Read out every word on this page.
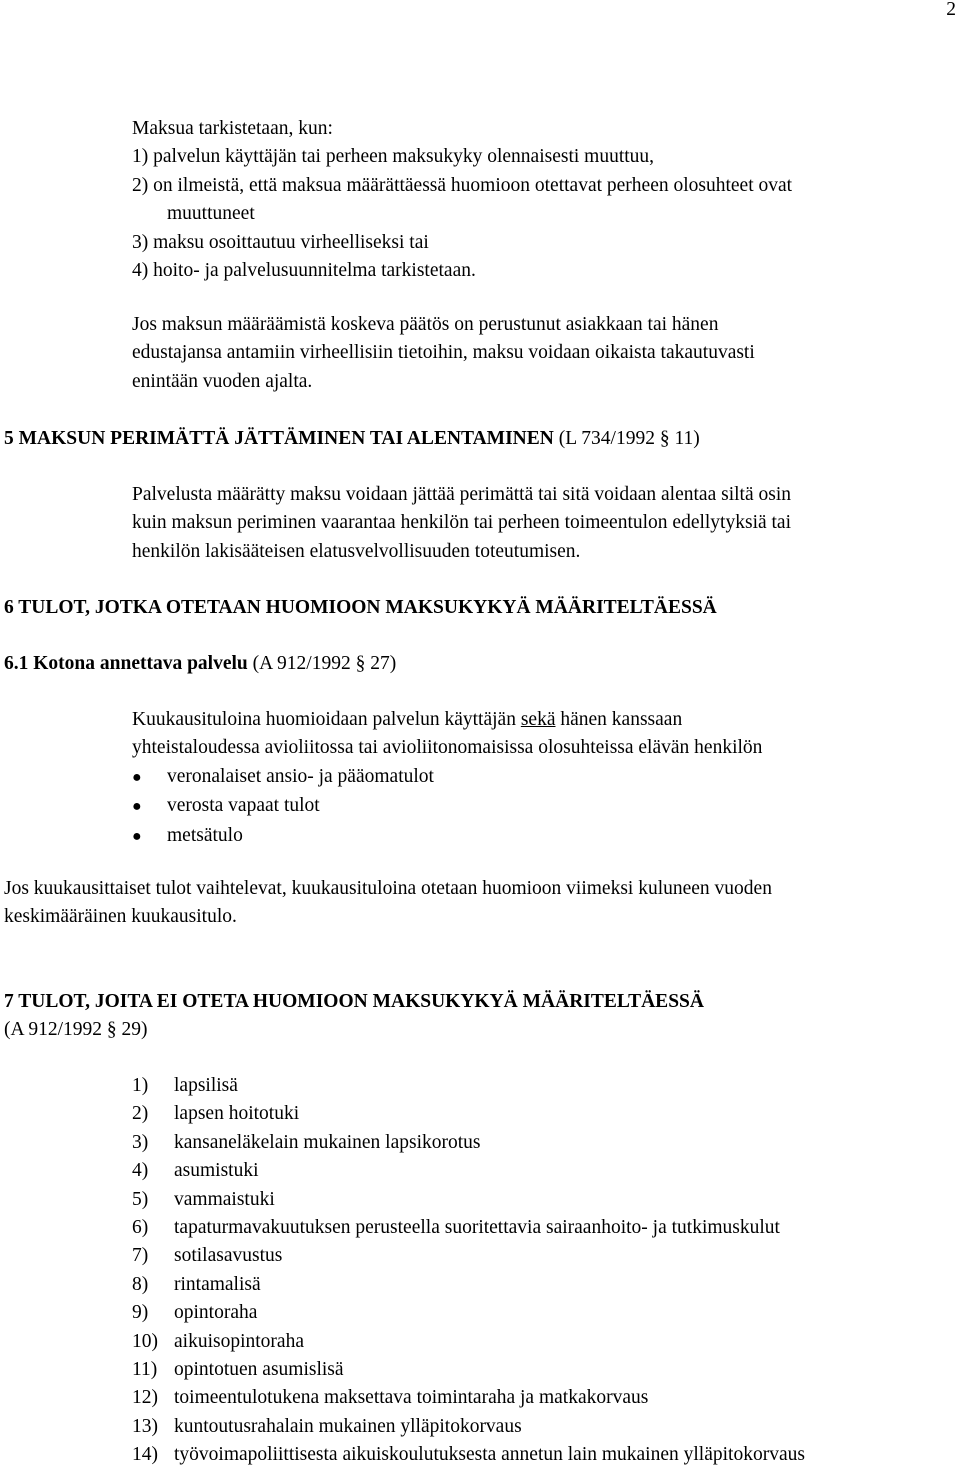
2

Maksua tarkistetaan, kun:

1) palvelun käyttäjän tai perheen maksukyky olennaisesti muuttuu,

2) on ilmeistä, että maksua määrättäessä huomioon otettavat perheen olosuhteet ovat

muuttuneet

3) maksu osoittautuu virheelliseksi tai

4) hoito- ja palvelusuunnitelma tarkistetaan.

Jos maksun määräämistä koskeva päätös on perustunut asiakkaan tai hänen

edustajansa antamiin virheellisiin tietoihin, maksu voidaan oikaista takautuvasti

enintään vuoden ajalta.

5 MAKSUN PERIMÄTTÄ JÄTTÄMINEN TAI ALENTAMINEN (L 734/1992 § 11)

Palvelusta määrätty maksu voidaan jättää perimättä tai sitä voidaan alentaa siltä osin

kuin maksun periminen vaarantaa henkilön tai perheen toimeentulon edellytyksiä tai

henkilön lakisääteisen elatusvelvollisuuden toteutumisen.

6 TULOT, JOTKA OTETAAN HUOMIOON MAKSUKYKYÄ MÄÄRITELTÄESSÄ
6.1 Kotona annettava palvelu (A 912/1992 § 27)

Kuukausituloina huomioidaan palvelun käyttäjän sekä hänen kanssaan

yhteistaloudessa avioliitossa tai avioliitonomaisissa olosuhteissa elävän henkilön

● veronalaiset ansio- ja pääomatulot

● verosta vapaat tulot

● metsätulo

Jos kuukausittaiset tulot vaihtelevat, kuukausituloina otetaan huomioon viimeksi kuluneen vuoden

keskimääräinen kuukausitulo.

7 TULOT, JOITA EI OTETA HUOMIOON MAKSUKYKYÄ MÄÄRITELTÄESSÄ

(A 912/1992 § 29)

1) lapsilisä

2) lapsen hoitotuki

3) kansaneläkelain mukainen lapsikorotus

4) asumistuki

5) vammaistuki

6) tapaturmavakuutuksen perusteella suoritettavia sairaanhoito- ja tutkimuskulut

7) sotilasavustus

8) rintamalisä

9) opintoraha

10) aikuisopintoraha

11) opintotuen asumislisä

12) toimeentulotukena maksettava toimintaraha ja matkakorvaus

13) kuntoutusrahalain mukainen ylläpitokorvaus

14) työvoimapoliittisesta aikuiskoulutuksesta annetun lain mukainen ylläpitokorvaus
